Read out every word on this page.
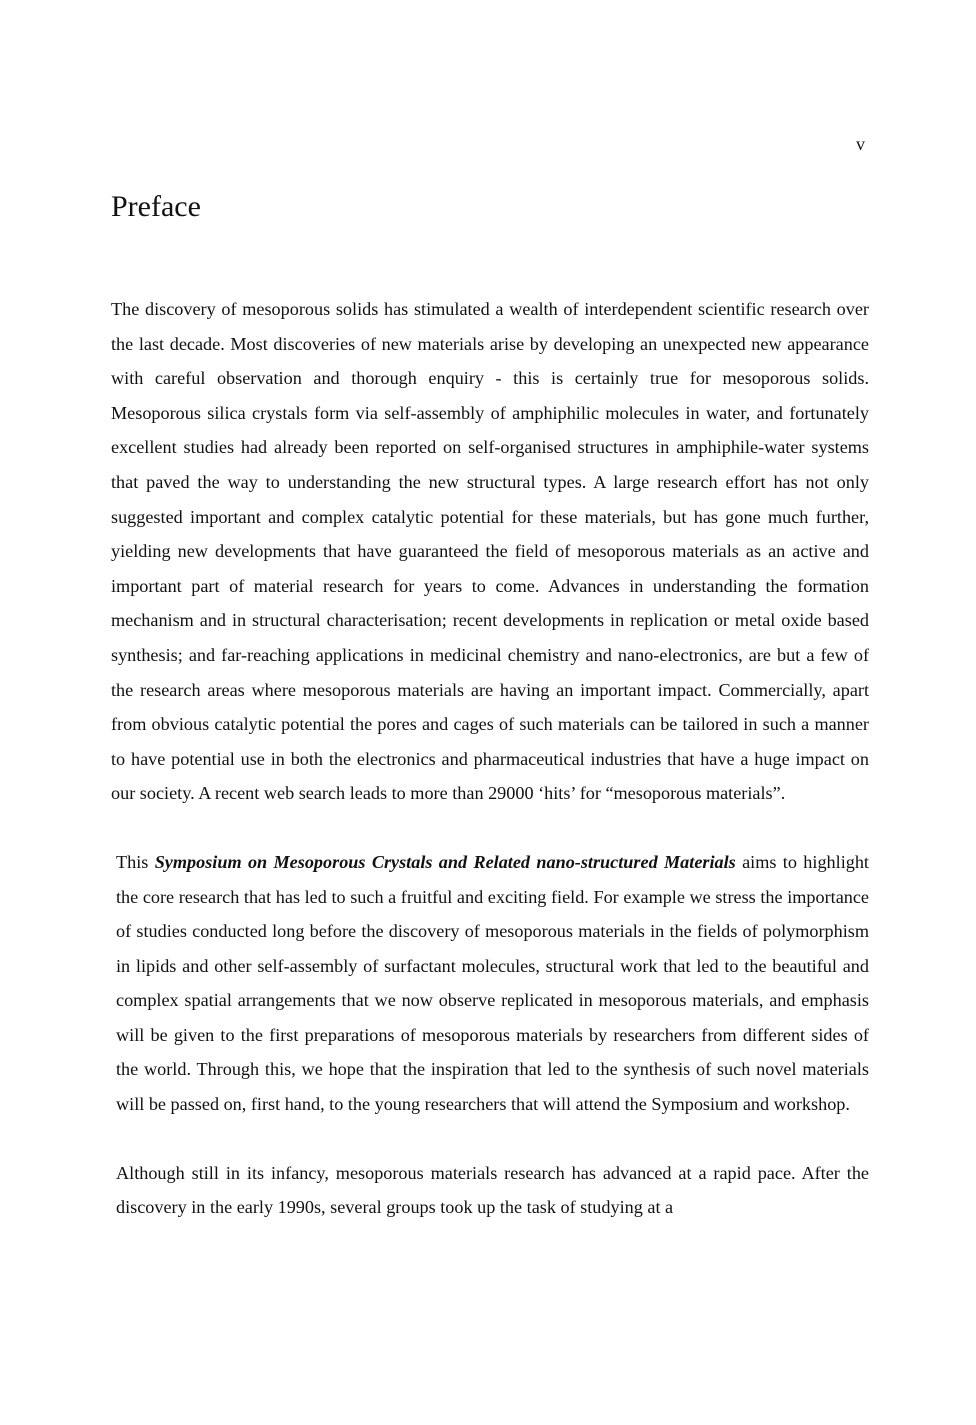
v
Preface

The discovery of mesoporous solids has stimulated a wealth of interdependent scientific research over the last decade. Most discoveries of new materials arise by developing an unexpected new appearance with careful observation and thorough enquiry - this is certainly true for mesoporous solids. Mesoporous silica crystals form via self-assembly of amphiphilic molecules in water, and fortunately excellent studies had already been reported on self-organised structures in amphiphile-water systems that paved the way to understanding the new structural types. A large research effort has not only suggested important and complex catalytic potential for these materials, but has gone much further, yielding new developments that have guaranteed the field of mesoporous materials as an active and important part of material research for years to come. Advances in understanding the formation mechanism and in structural characterisation; recent developments in replication or metal oxide based synthesis; and far-reaching applications in medicinal chemistry and nano-electronics, are but a few of the research areas where mesoporous materials are having an important impact. Commercially, apart from obvious catalytic potential the pores and cages of such materials can be tailored in such a manner to have potential use in both the electronics and pharmaceutical industries that have a huge impact on our society. A recent web search leads to more than 29000 ‘hits’ for “mesoporous materials”.

This Symposium on Mesoporous Crystals and Related nano-structured Materials aims to highlight the core research that has led to such a fruitful and exciting field. For example we stress the importance of studies conducted long before the discovery of mesoporous materials in the fields of polymorphism in lipids and other self-assembly of surfactant molecules, structural work that led to the beautiful and complex spatial arrangements that we now observe replicated in mesoporous materials, and emphasis will be given to the first preparations of mesoporous materials by researchers from different sides of the world. Through this, we hope that the inspiration that led to the synthesis of such novel materials will be passed on, first hand, to the young researchers that will attend the Symposium and workshop.

Although still in its infancy, mesoporous materials research has advanced at a rapid pace. After the discovery in the early 1990s, several groups took up the task of studying at a
